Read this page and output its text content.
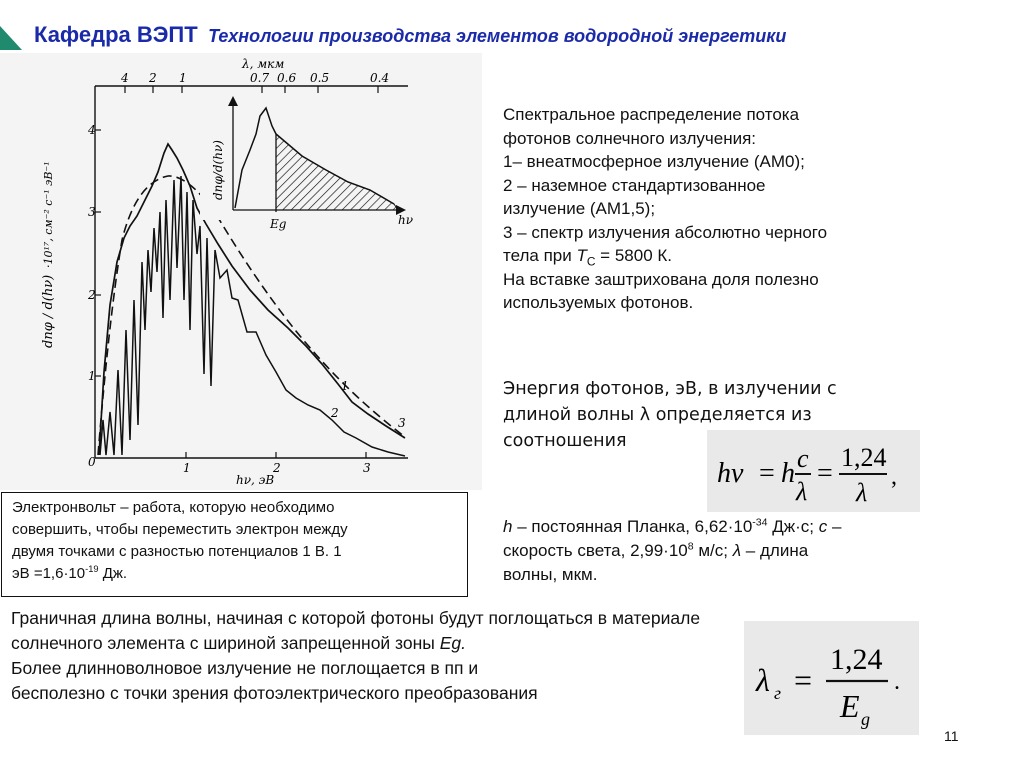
Кафедра ВЭПТ Технологии производства элементов водородной энергетики
λ, мкм
4 2 1	0.7 0.6 0.5	0.4
4
3
2
1
0
dnφ / d(hν)
·10¹⁷, см⁻² с⁻¹ эВ⁻¹
1	2	3
hν, эВ
1
2
3
dnφ/d(hν)
Eg	hν

Спектральное распределение потока

фотонов солнечного излучения:

1– внеатмосферное излучение (АМ0);

2 – наземное стандартизованное

излучение (АМ1,5);

3 – спектр излучения абсолютно черного

тела при $T_C = 5800$ К.

На вставке заштрихована доля полезно

используемых фотонов.

Энергия фотонов, эВ, в излучении с
длиной волны λ определяется из
соотношения
hν = h c
λ
=
1,24
λ
,
Электронвольт – работа, которую необходимо
совершить, чтобы переместить электрон между
двумя точками с разностью потенциалов 1 В. 1
эВ $=1,6\cdot 10^{-19}$ Дж.
h – постоянная Планка, $6,62\cdot 10^{-34}$ Дж·с; с –
скорость света, $2,99\cdot 10^8$ м/с; λ – длина
волны, мкм.

Граничная длина волны, начиная с которой фотоны будут поглощаться в материале

солнечного элемента с шириной запрещенной зоны Eg.

Более длинноволновое излучение не поглощается в пп и

бесполезно с точки зрения фотоэлектрического преобразования	λ г =
1,24
E g
.
11
